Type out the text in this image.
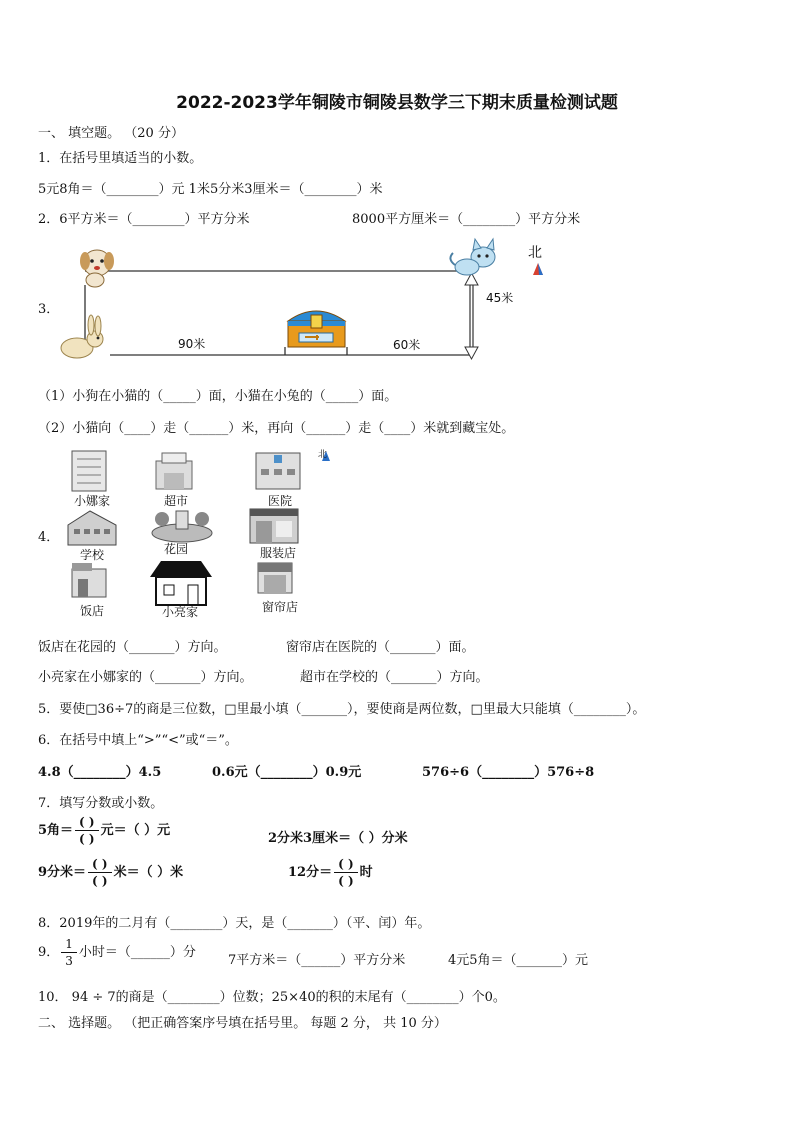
2022-2023学年铜陵市铜陵县数学三下期末质量检测试题
一、 填空题。 （20 分）
1．在括号里填适当的小数。
5元8角＝（________）元 1米5分米3厘米＝（________）米
2．6平方米＝（________）平方分米	8000平方厘米＝（________）平方分米
3．
北
45米
90米	60米
（1）小狗在小猫的（_____）面，小猫在小兔的（_____）面。
（2）小猫向（____）走（______）米，再向（______）走（____）米就到藏宝处。
4．
小娜家	超市	医院
学校	花园	服装店
饭店	小亮家	窗帘店
北
饭店在花园的（_______）方向。	窗帘店在医院的（_______）面。
小亮家在小娜家的（_______）方向。	超市在学校的（_______）方向。
5．要使□36÷7的商是三位数，□里最小填（_______），要使商是两位数，□里最大只能填（________）。
6．在括号中填上“>”“<”或“＝”。
4.8（________）4.5	0.6元（________）0.9元	576÷6（________）576÷8
7．填写分数或小数。
5角＝ $\frac{( )}{( )}$ 元＝（ ）元
2分米3厘米＝（ ）分米
9分米＝ $\frac{( )}{( )}$ 米＝（ ）米	12分＝ $\frac{( )}{( )}$ 时
8．2019年的二月有（________）天，是（_______）（平、闰）年。
9． $\frac{1}{3}$ 小时＝（______）分
7平方米＝（______）平方分米	4元5角＝（_______）元
10． 94 ÷ 7的商是（________）位数；25×40的积的末尾有（________）个0。
二、 选择题。 （把正确答案序号填在括号里。 每题 2 分， 共 10 分）
